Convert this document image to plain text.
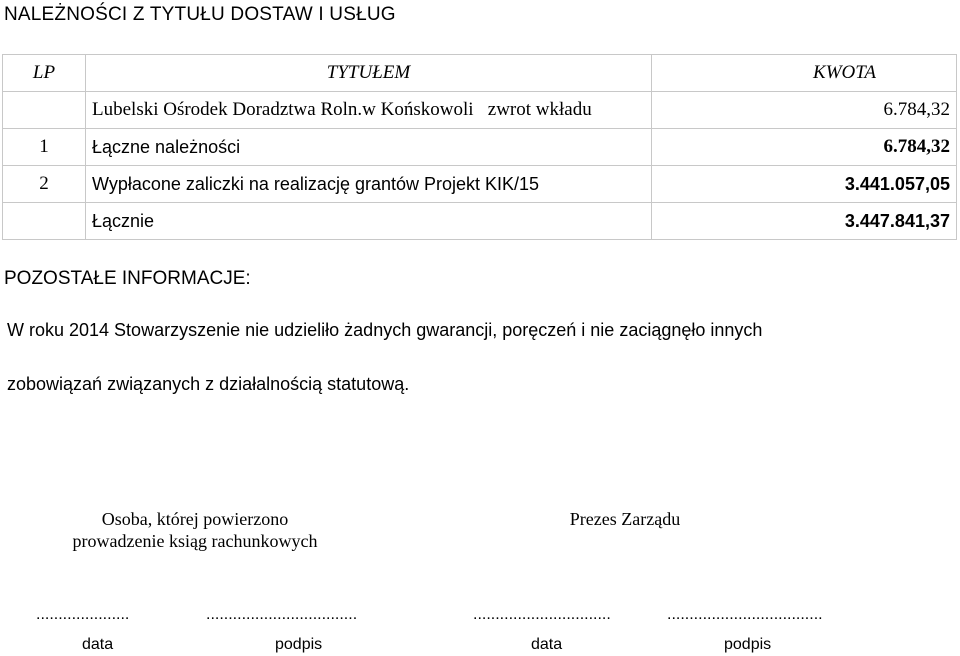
NALEŻNOŚCI Z TYTUŁU DOSTAW I USŁUG
LP	TYTUŁEM	KWOTA
	Lubelski Ośrodek Doradztwa Roln.w Końskowoli   zwrot wkładu	6.784,32
1	Łączne należności	6.784,32
2	Wypłacone zaliczki na realizację grantów Projekt KIK/15	3.441.057,05
	Łącznie	3.447.841,37
POZOSTAŁE INFORMACJE:
W roku 2014 Stowarzyszenie nie udzieliło żadnych gwarancji, poręczeń i nie zaciągnęło innych
zobowiązań związanych z działalnością statutową.
Osoba, której powierzono
prowadzenie ksiąg rachunkowych
Prezes Zarządu
.....................	..................................	...............................	...................................
data	podpis	data	podpis
